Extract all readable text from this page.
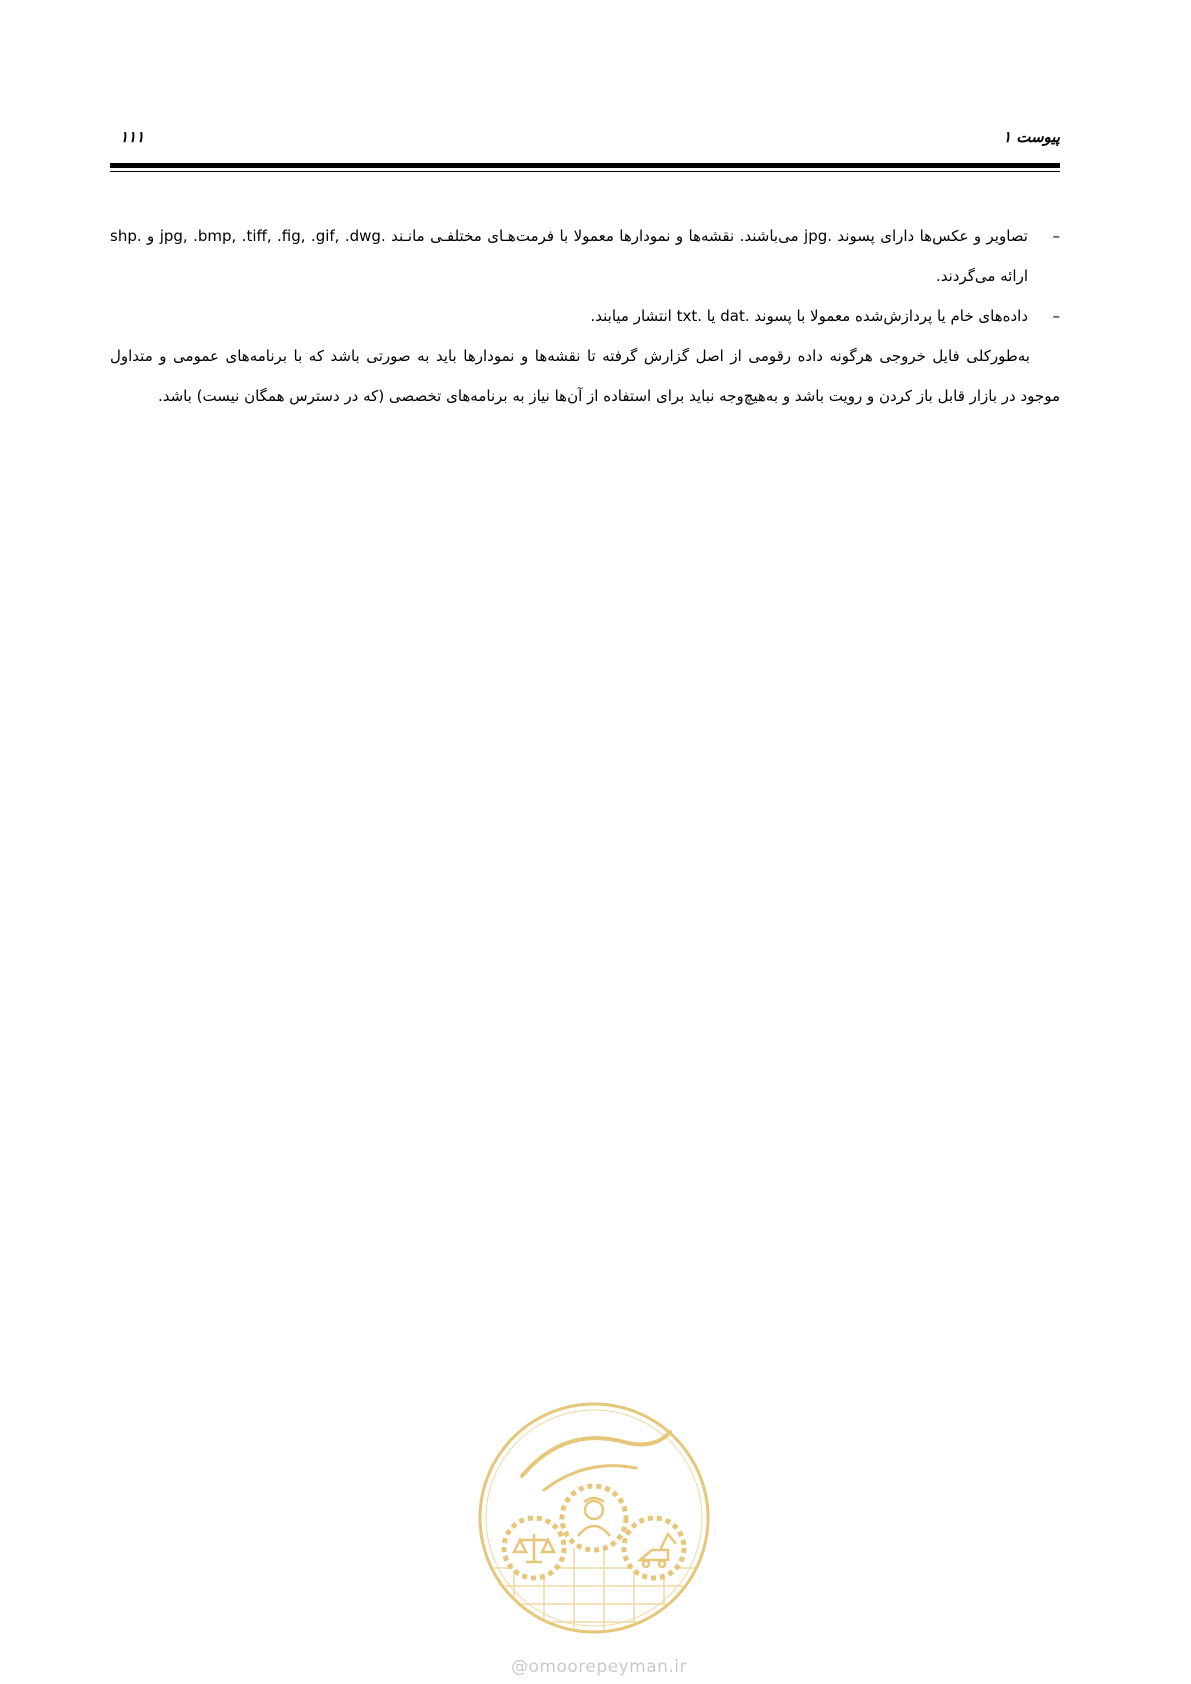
پیوست ۱
۱۱۱

–
تصاویر و عکس‌ها دارای پسوند .jpg می‌باشند. نقشه‌ها و نمودارها معمولا با فرمت‌هـای مختلفـی مانـند .jpg, .bmp, .tiff, .fig, .gif, .dwg و .shp ارائه می‌گردند.

–
داده‌های خام یا پردازش‌شده معمولا با پسوند .dat یا .txt انتشار میابند.

به‌طورکلی فایل خروجی هرگونه داده رقومی از اصل گزارش گرفته تا نقشه‌ها و نمودارها باید به صورتی باشد که با برنامه‌های عمومی و متداول موجود در بازار قابل باز کردن و رویت باشد و به‌هیچ‌وجه نباید برای استفاده از آن‌ها نیاز به برنامه‌های تخصصی (که در دسترس همگان نیست) باشد.

@omoorepeyman.ir
